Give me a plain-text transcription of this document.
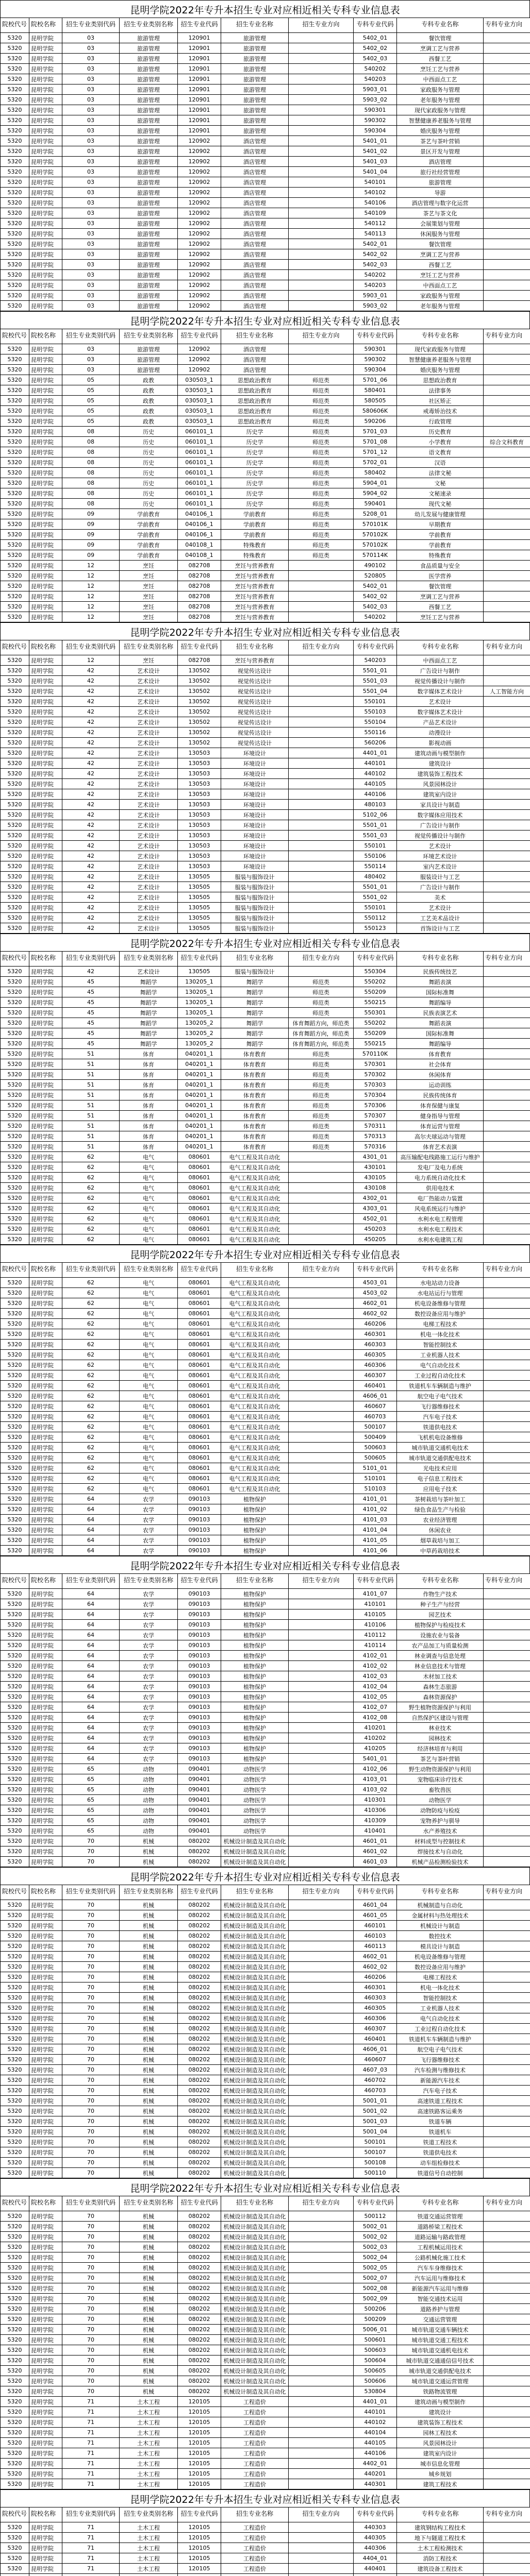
昆明学院2022年专升本招生专业对应相近相关专科专业信息表
院校代号	院校名称	招生专业类别代码	招生专业类别名称	招生专业代码	招生专业名称	招生专业方向	专科专业代码	专科专业名称	专科专业方向
5320	昆明学院	03	旅游管理	120901	旅游管理		5402_01	餐饮管理	
5320	昆明学院	03	旅游管理	120901	旅游管理		5402_02	烹调工艺与营养	
5320	昆明学院	03	旅游管理	120901	旅游管理		5402_03	西餐工艺	
5320	昆明学院	03	旅游管理	120901	旅游管理		540202	烹饪工艺与营养	
5320	昆明学院	03	旅游管理	120901	旅游管理		540203	中西面点工艺	
5320	昆明学院	03	旅游管理	120901	旅游管理		5903_01	家政服务与管理	
5320	昆明学院	03	旅游管理	120901	旅游管理		5903_02	老年服务与管理	
5320	昆明学院	03	旅游管理	120901	旅游管理		590301	现代家政服务与管理	
5320	昆明学院	03	旅游管理	120901	旅游管理		590302	智慧健康养老服务与管理	
5320	昆明学院	03	旅游管理	120901	旅游管理		590304	婚庆服务与管理	
5320	昆明学院	03	旅游管理	120902	酒店管理		5401_01	茶艺与茶叶营销	
5320	昆明学院	03	旅游管理	120902	酒店管理		5401_02	景区开发与管理	
5320	昆明学院	03	旅游管理	120902	酒店管理		5401_03	酒店管理	
5320	昆明学院	03	旅游管理	120902	酒店管理		5401_04	旅行社经营管理	
5320	昆明学院	03	旅游管理	120902	酒店管理		540101	旅游管理	
5320	昆明学院	03	旅游管理	120902	酒店管理		540102	导游	
5320	昆明学院	03	旅游管理	120902	酒店管理		540106	酒店管理与数字化运营	
5320	昆明学院	03	旅游管理	120902	酒店管理		540109	茶艺与茶文化	
5320	昆明学院	03	旅游管理	120902	酒店管理		540112	会展策划与管理	
5320	昆明学院	03	旅游管理	120902	酒店管理		540113	休闲服务与管理	
5320	昆明学院	03	旅游管理	120902	酒店管理		5402_01	餐饮管理	
5320	昆明学院	03	旅游管理	120902	酒店管理		5402_02	烹调工艺与营养	
5320	昆明学院	03	旅游管理	120902	酒店管理		5402_03	西餐工艺	
5320	昆明学院	03	旅游管理	120902	酒店管理		540202	烹饪工艺与营养	
5320	昆明学院	03	旅游管理	120902	酒店管理		540203	中西面点工艺	
5320	昆明学院	03	旅游管理	120902	酒店管理		5903_01	家政服务与管理	
5320	昆明学院	03	旅游管理	120902	酒店管理		5903_02	老年服务与管理	
昆明学院2022年专升本招生专业对应相近相关专科专业信息表
院校代号	院校名称	招生专业类别代码	招生专业类别名称	招生专业代码	招生专业名称	招生专业方向	专科专业代码	专科专业名称	专科专业方向
5320	昆明学院	03	旅游管理	120902	酒店管理		590301	现代家政服务与管理	
5320	昆明学院	03	旅游管理	120902	酒店管理		590302	智慧健康养老服务与管理	
5320	昆明学院	03	旅游管理	120902	酒店管理		590304	婚庆服务与管理	
5320	昆明学院	05	政教	030503_1	思想政治教育	师范类	5701_06	思想政治教育	
5320	昆明学院	05	政教	030503_1	思想政治教育	师范类	580401	法律事务	
5320	昆明学院	05	政教	030503_1	思想政治教育	师范类	580505	社区矫正	
5320	昆明学院	05	政教	030503_1	思想政治教育	师范类	580606K	戒毒矫治技术	
5320	昆明学院	05	政教	030503_1	思想政治教育	师范类	590206	行政管理	
5320	昆明学院	08	历史	060101_1	历史学	师范类	5701_03	历史教育	
5320	昆明学院	08	历史	060101_1	历史学	师范类	5701_08	小学教育	综合文科教育
5320	昆明学院	08	历史	060101_1	历史学	师范类	5701_12	语文教育	
5320	昆明学院	08	历史	060101_1	历史学	师范类	5702_01	汉语	
5320	昆明学院	08	历史	060101_1	历史学	师范类	580402	法律文秘	
5320	昆明学院	08	历史	060101_1	历史学	师范类	5904_01	文秘	
5320	昆明学院	08	历史	060101_1	历史学	师范类	5904_02	文秘速录	
5320	昆明学院	08	历史	060101_1	历史学	师范类	590401	现代文秘	
5320	昆明学院	09	学前教育	040106_1	学前教育	师范类	5208_01	幼儿发展与健康管理	
5320	昆明学院	09	学前教育	040106_1	学前教育	师范类	570101K	早期教育	
5320	昆明学院	09	学前教育	040106_1	学前教育	师范类	570102K	学前教育	
5320	昆明学院	09	学前教育	040108_1	特殊教育	师范类	570102K	学前教育	
5320	昆明学院	09	学前教育	040108_1	特殊教育	师范类	570114K	特殊教育	
5320	昆明学院	12	烹饪	082708	烹饪与营养教育		490102	食品质量与安全	
5320	昆明学院	12	烹饪	082708	烹饪与营养教育		520805	医学营养	
5320	昆明学院	12	烹饪	082708	烹饪与营养教育		5402_01	餐饮管理	
5320	昆明学院	12	烹饪	082708	烹饪与营养教育		5402_02	烹调工艺与营养	
5320	昆明学院	12	烹饪	082708	烹饪与营养教育		5402_03	西餐工艺	
5320	昆明学院	12	烹饪	082708	烹饪与营养教育		540202	烹饪工艺与营养	
昆明学院2022年专升本招生专业对应相近相关专科专业信息表
院校代号	院校名称	招生专业类别代码	招生专业类别名称	招生专业代码	招生专业名称	招生专业方向	专科专业代码	专科专业名称	专科专业方向
5320	昆明学院	12	烹饪	082708	烹饪与营养教育		540203	中西面点工艺	
5320	昆明学院	42	艺术设计	130502	视觉传达设计		5501_01	广告设计与制作	
5320	昆明学院	42	艺术设计	130502	视觉传达设计		5501_03	视觉传播设计与制作	
5320	昆明学院	42	艺术设计	130502	视觉传达设计		5501_04	数字媒体艺术设计	人工智能方向
5320	昆明学院	42	艺术设计	130502	视觉传达设计		550101	艺术设计	
5320	昆明学院	42	艺术设计	130502	视觉传达设计		550103	数字媒体艺术设计	
5320	昆明学院	42	艺术设计	130502	视觉传达设计		550104	产品艺术设计	
5320	昆明学院	42	艺术设计	130502	视觉传达设计		550116	动漫设计	
5320	昆明学院	42	艺术设计	130502	视觉传达设计		560206	影视动画	
5320	昆明学院	42	艺术设计	130503	环境设计		4401_01	建筑动画与模型制作	
5320	昆明学院	42	艺术设计	130503	环境设计		440101	建筑设计	
5320	昆明学院	42	艺术设计	130503	环境设计		440102	建筑装饰工程技术	
5320	昆明学院	42	艺术设计	130503	环境设计		440105	风景园林设计	
5320	昆明学院	42	艺术设计	130503	环境设计		440106	建筑室内设计	
5320	昆明学院	42	艺术设计	130503	环境设计		480103	家具设计与制造	
5320	昆明学院	42	艺术设计	130503	环境设计		5102_06	数字媒体应用技术	
5320	昆明学院	42	艺术设计	130503	环境设计		5501_01	广告设计与制作	
5320	昆明学院	42	艺术设计	130503	环境设计		5501_03	视觉传播设计与制作	
5320	昆明学院	42	艺术设计	130503	环境设计		550101	艺术设计	
5320	昆明学院	42	艺术设计	130503	环境设计		550106	环境艺术设计	
5320	昆明学院	42	艺术设计	130503	环境设计		550114	室内艺术设计	
5320	昆明学院	42	艺术设计	130505	服装与服饰设计		480402	服装设计与工艺	
5320	昆明学院	42	艺术设计	130505	服装与服饰设计		5501_01	广告设计与制作	
5320	昆明学院	42	艺术设计	130505	服装与服饰设计		5501_02	美术	
5320	昆明学院	42	艺术设计	130505	服装与服饰设计		550101	艺术设计	
5320	昆明学院	42	艺术设计	130505	服装与服饰设计		550112	工艺美术品设计	
5320	昆明学院	42	艺术设计	130505	服装与服饰设计		550123	首饰设计与工艺	
昆明学院2022年专升本招生专业对应相近相关专科专业信息表
院校代号	院校名称	招生专业类别代码	招生专业类别名称	招生专业代码	招生专业名称	招生专业方向	专科专业代码	专科专业名称	专科专业方向
5320	昆明学院	42	艺术设计	130505	服装与服饰设计		550304	民族传统技艺	
5320	昆明学院	45	舞蹈学	130205_1	舞蹈学	师范类	550202	舞蹈表演	
5320	昆明学院	45	舞蹈学	130205_1	舞蹈学	师范类	550209	国际标准舞	
5320	昆明学院	45	舞蹈学	130205_1	舞蹈学	师范类	550215	舞蹈编导	
5320	昆明学院	45	舞蹈学	130205_1	舞蹈学	师范类	550301	民族表演艺术	
5320	昆明学院	45	舞蹈学	130205_2	舞蹈学	体育舞蹈方向，师范类	550202	舞蹈表演	
5320	昆明学院	45	舞蹈学	130205_2	舞蹈学	体育舞蹈方向，师范类	550209	国际标准舞	
5320	昆明学院	45	舞蹈学	130205_2	舞蹈学	体育舞蹈方向，师范类	550215	舞蹈编导	
5320	昆明学院	51	体育	040201_1	体育教育	师范类	570110K	体育教育	
5320	昆明学院	51	体育	040201_1	体育教育	师范类	570301	社会体育	
5320	昆明学院	51	体育	040201_1	体育教育	师范类	570302	休闲体育	
5320	昆明学院	51	体育	040201_1	体育教育	师范类	570303	运动训练	
5320	昆明学院	51	体育	040201_1	体育教育	师范类	570304	民族传统体育	
5320	昆明学院	51	体育	040201_1	体育教育	师范类	570306	体育保健与康复	
5320	昆明学院	51	体育	040201_1	体育教育	师范类	570307	健身指导与管理	
5320	昆明学院	51	体育	040201_1	体育教育	师范类	570311	体育运营与管理	
5320	昆明学院	51	体育	040201_1	体育教育	师范类	570313	高尔夫球运动与管理	
5320	昆明学院	51	体育	040201_1	体育教育	师范类	570316	体育艺术表演	
5320	昆明学院	62	电气	080601	电气工程及其自动化		4301_01	高压输配电线路施工运行与维护	
5320	昆明学院	62	电气	080601	电气工程及其自动化		430101	发电厂及电力系统	
5320	昆明学院	62	电气	080601	电气工程及其自动化		430105	电力系统自动化技术	
5320	昆明学院	62	电气	080601	电气工程及其自动化		430108	供用电技术	
5320	昆明学院	62	电气	080601	电气工程及其自动化		4302_01	电厂热能动力装置	
5320	昆明学院	62	电气	080601	电气工程及其自动化		4303_01	风电系统运行与维护	
5320	昆明学院	62	电气	080601	电气工程及其自动化		4502_01	水利水电工程管理	
5320	昆明学院	62	电气	080601	电气工程及其自动化		450203	水利水电工程技术	
5320	昆明学院	62	电气	080601	电气工程及其自动化		450205	水利水电建筑工程	
昆明学院2022年专升本招生专业对应相近相关专科专业信息表
院校代号	院校名称	招生专业类别代码	招生专业类别名称	招生专业代码	招生专业名称	招生专业方向	专科专业代码	专科专业名称	专科专业方向
5320	昆明学院	62	电气	080601	电气工程及其自动化		4503_01	水电站动力设备	
5320	昆明学院	62	电气	080601	电气工程及其自动化		4503_02	水电站运行与管理	
5320	昆明学院	62	电气	080601	电气工程及其自动化		4602_01	机电设备维修与管理	
5320	昆明学院	62	电气	080601	电气工程及其自动化		4602_02	数控设备应用与维护	
5320	昆明学院	62	电气	080601	电气工程及其自动化		460206	电梯工程技术	
5320	昆明学院	62	电气	080601	电气工程及其自动化		460301	机电一体化技术	
5320	昆明学院	62	电气	080601	电气工程及其自动化		460303	智能控制技术	
5320	昆明学院	62	电气	080601	电气工程及其自动化		460305	工业机器人技术	
5320	昆明学院	62	电气	080601	电气工程及其自动化		460306	电气自动化技术	
5320	昆明学院	62	电气	080601	电气工程及其自动化		460307	工业过程自动化技术	
5320	昆明学院	62	电气	080601	电气工程及其自动化		460401	铁道机车车辆制造与维护	
5320	昆明学院	62	电气	080601	电气工程及其自动化		4606_01	航空电子电气技术	
5320	昆明学院	62	电气	080601	电气工程及其自动化		460607	飞行器维修技术	
5320	昆明学院	62	电气	080601	电气工程及其自动化		460703	汽车电子技术	
5320	昆明学院	62	电气	080601	电气工程及其自动化		500107	铁道供电技术	
5320	昆明学院	62	电气	080601	电气工程及其自动化		500409	飞机机电设备维修	
5320	昆明学院	62	电气	080601	电气工程及其自动化		500603	城市轨道交通机电技术	
5320	昆明学院	62	电气	080601	电气工程及其自动化		500605	城市轨道交通供配电技术	
5320	昆明学院	62	电气	080601	电气工程及其自动化		5101_01	光电技术应用	
5320	昆明学院	62	电气	080601	电气工程及其自动化		510101	电子信息工程技术	
5320	昆明学院	62	电气	080601	电气工程及其自动化		510103	应用电子技术	
5320	昆明学院	64	农学	090103	植物保护		4101_01	茶树栽培与茶叶加工	
5320	昆明学院	64	农学	090103	植物保护		4101_02	绿色食品生产与检验	
5320	昆明学院	64	农学	090103	植物保护		4101_03	农业经济管理	
5320	昆明学院	64	农学	090103	植物保护		4101_04	休闲农业	
5320	昆明学院	64	农学	090103	植物保护		4101_05	烟草栽培与加工	
5320	昆明学院	64	农学	090103	植物保护		4101_06	中草药栽培技术	
昆明学院2022年专升本招生专业对应相近相关专科专业信息表
院校代号	院校名称	招生专业类别代码	招生专业类别名称	招生专业代码	招生专业名称	招生专业方向	专科专业代码	专科专业名称	专科专业方向
5320	昆明学院	64	农学	090103	植物保护		4101_07	作物生产技术	
5320	昆明学院	64	农学	090103	植物保护		410101	种子生产与经营	
5320	昆明学院	64	农学	090103	植物保护		410105	园艺技术	
5320	昆明学院	64	农学	090103	植物保护		410106	植物保护与检疫技术	
5320	昆明学院	64	农学	090103	植物保护		410112	设施农业与装备	
5320	昆明学院	64	农学	090103	植物保护		410114	农产品加工与质量检测	
5320	昆明学院	64	农学	090103	植物保护		4102_01	林业调查与信息处理	
5320	昆明学院	64	农学	090103	植物保护		4102_02	林业信息技术与管理	
5320	昆明学院	64	农学	090103	植物保护		4102_03	木材加工技术	
5320	昆明学院	64	农学	090103	植物保护		4102_04	森林生态旅游	
5320	昆明学院	64	农学	090103	植物保护		4102_05	森林资源保护	
5320	昆明学院	64	农学	090103	植物保护		4102_07	野生植物资源保护与利用	
5320	昆明学院	64	农学	090103	植物保护		4102_08	自然保护区建设与管理	
5320	昆明学院	64	农学	090103	植物保护		410201	林业技术	
5320	昆明学院	64	农学	090103	植物保护		410202	园林技术	
5320	昆明学院	64	农学	090103	植物保护		410205	经济林培育与利用	
5320	昆明学院	64	农学	090103	植物保护		5401_01	茶艺与茶叶营销	
5320	昆明学院	65	动物	090401	动物医学		4102_06	野生动物资源保护与利用	
5320	昆明学院	65	动物	090401	动物医学		4103_01	宠物临床诊疗技术	
5320	昆明学院	65	动物	090401	动物医学		4103_02	畜牧兽医	
5320	昆明学院	65	动物	090401	动物医学		410301	动物医学	
5320	昆明学院	65	动物	090401	动物医学		410306	动物防疫与检疫	
5320	昆明学院	65	动物	090401	动物医学		410309	宠物养护与驯导	
5320	昆明学院	65	动物	090401	动物医学		410401	水产养殖技术	
5320	昆明学院	70	机械	080202	机械设计制造及其自动化		4601_01	材料成型与控制技术	
5320	昆明学院	70	机械	080202	机械设计制造及其自动化		4601_02	焊接技术与自动化	
5320	昆明学院	70	机械	080202	机械设计制造及其自动化		4601_03	机械产品检测检验技术	
昆明学院2022年专升本招生专业对应相近相关专科专业信息表
院校代号	院校名称	招生专业类别代码	招生专业类别名称	招生专业代码	招生专业名称	招生专业方向	专科专业代码	专科专业名称	专科专业方向
5320	昆明学院	70	机械	080202	机械设计制造及其自动化		4601_04	机械制造与自动化	
5320	昆明学院	70	机械	080202	机械设计制造及其自动化		4601_05	金属材料与热处理技术	
5320	昆明学院	70	机械	080202	机械设计制造及其自动化		460101	机械设计与制造	
5320	昆明学院	70	机械	080202	机械设计制造及其自动化		460103	数控技术	
5320	昆明学院	70	机械	080202	机械设计制造及其自动化		460113	模具设计与制造	
5320	昆明学院	70	机械	080202	机械设计制造及其自动化		4602_01	机电设备维修与管理	
5320	昆明学院	70	机械	080202	机械设计制造及其自动化		4602_02	数控设备应用与维护	
5320	昆明学院	70	机械	080202	机械设计制造及其自动化		460206	电梯工程技术	
5320	昆明学院	70	机械	080202	机械设计制造及其自动化		460301	机电一体化技术	
5320	昆明学院	70	机械	080202	机械设计制造及其自动化		460303	智能控制技术	
5320	昆明学院	70	机械	080202	机械设计制造及其自动化		460305	工业机器人技术	
5320	昆明学院	70	机械	080202	机械设计制造及其自动化		460306	电气自动化技术	
5320	昆明学院	70	机械	080202	机械设计制造及其自动化		460307	工业过程自动化技术	
5320	昆明学院	70	机械	080202	机械设计制造及其自动化		460401	铁道机车车辆制造与维护	
5320	昆明学院	70	机械	080202	机械设计制造及其自动化		4606_01	航空电子电气技术	
5320	昆明学院	70	机械	080202	机械设计制造及其自动化		460607	飞行器维修技术	
5320	昆明学院	70	机械	080202	机械设计制造及其自动化		4607_03	汽车检测与维修技术	
5320	昆明学院	70	机械	080202	机械设计制造及其自动化		460702	新能源汽车技术	
5320	昆明学院	70	机械	080202	机械设计制造及其自动化		460703	汽车电子技术	
5320	昆明学院	70	机械	080202	机械设计制造及其自动化		5001_01	高速铁道工程技术	
5320	昆明学院	70	机械	080202	机械设计制造及其自动化		5001_02	高速铁路客运乘务	
5320	昆明学院	70	机械	080202	机械设计制造及其自动化		5001_03	铁道车辆	
5320	昆明学院	70	机械	080202	机械设计制造及其自动化		5001_04	铁道机车	
5320	昆明学院	70	机械	080202	机械设计制造及其自动化		500101	铁道工程技术	
5320	昆明学院	70	机械	080202	机械设计制造及其自动化		500107	铁道供电技术	
5320	昆明学院	70	机械	080202	机械设计制造及其自动化		500108	动车组检修技术	
5320	昆明学院	70	机械	080202	机械设计制造及其自动化		500110	铁道信号自动控制	
昆明学院2022年专升本招生专业对应相近相关专科专业信息表
院校代号	院校名称	招生专业类别代码	招生专业类别名称	招生专业代码	招生专业名称	招生专业方向	专科专业代码	专科专业名称	专科专业方向
5320	昆明学院	70	机械	080202	机械设计制造及其自动化		500112	铁道交通运营管理	
5320	昆明学院	70	机械	080202	机械设计制造及其自动化		5002_01	道路桥梁工程技术	
5320	昆明学院	70	机械	080202	机械设计制造及其自动化		5002_02	道路运输与路政管理	
5320	昆明学院	70	机械	080202	机械设计制造及其自动化		5002_03	工程机械运用技术	
5320	昆明学院	70	机械	080202	机械设计制造及其自动化		5002_04	公路机械化施工技术	
5320	昆明学院	70	机械	080202	机械设计制造及其自动化		5002_05	汽车车身维修技术	
5320	昆明学院	70	机械	080202	机械设计制造及其自动化		5002_07	汽车运用与维修技术	
5320	昆明学院	70	机械	080202	机械设计制造及其自动化		5002_08	新能源汽车运用与维修	
5320	昆明学院	70	机械	080202	机械设计制造及其自动化		5002_09	智能交通技术运用	
5320	昆明学院	70	机械	080202	机械设计制造及其自动化		500206	道路养护与管理	
5320	昆明学院	70	机械	080202	机械设计制造及其自动化		500209	交通运营管理	
5320	昆明学院	70	机械	080202	机械设计制造及其自动化		5006_01	城市轨道交通车辆技术	
5320	昆明学院	70	机械	080202	机械设计制造及其自动化		500601	城市轨道交通工程技术	
5320	昆明学院	70	机械	080202	机械设计制造及其自动化		500603	城市轨道交通机电技术	
5320	昆明学院	70	机械	080202	机械设计制造及其自动化		500604	城市轨道交通通信信号技术	
5320	昆明学院	70	机械	080202	机械设计制造及其自动化		500605	城市轨道交通供配电技术	
5320	昆明学院	70	机械	080202	机械设计制造及其自动化		500606	城市轨道交通运营管理	
5320	昆明学院	70	机械	080202	机械设计制造及其自动化		530804	铁路物流管理	
5320	昆明学院	71	土木工程	120105	工程造价		4401_01	建筑动画与模型制作	
5320	昆明学院	71	土木工程	120105	工程造价		440101	建筑设计	
5320	昆明学院	71	土木工程	120105	工程造价		440102	建筑装饰工程技术	
5320	昆明学院	71	土木工程	120105	工程造价		440104	园林工程技术	
5320	昆明学院	71	土木工程	120105	工程造价		440105	风景园林设计	
5320	昆明学院	71	土木工程	120105	工程造价		440106	建筑室内设计	
5320	昆明学院	71	土木工程	120105	工程造价		4402_01	城市信息化管理	
5320	昆明学院	71	土木工程	120105	工程造价		440201	城乡规划	
5320	昆明学院	71	土木工程	120105	工程造价		440301	建筑工程技术	
昆明学院2022年专升本招生专业对应相近相关专科专业信息表
院校代号	院校名称	招生专业类别代码	招生专业类别名称	招生专业代码	招生专业名称	招生专业方向	专科专业代码	专科专业名称	专科专业方向
5320	昆明学院	71	土木工程	120105	工程造价		440303	建筑钢结构工程技术	
5320	昆明学院	71	土木工程	120105	工程造价		440305	地下与隧道工程技术	
5320	昆明学院	71	土木工程	120105	工程造价		440306	土木工程检测技术	
5320	昆明学院	71	土木工程	120105	工程造价		4404_01	消防工程技术	
5320	昆明学院	71	土木工程	120105	工程造价		440401	建筑设备工程技术	
